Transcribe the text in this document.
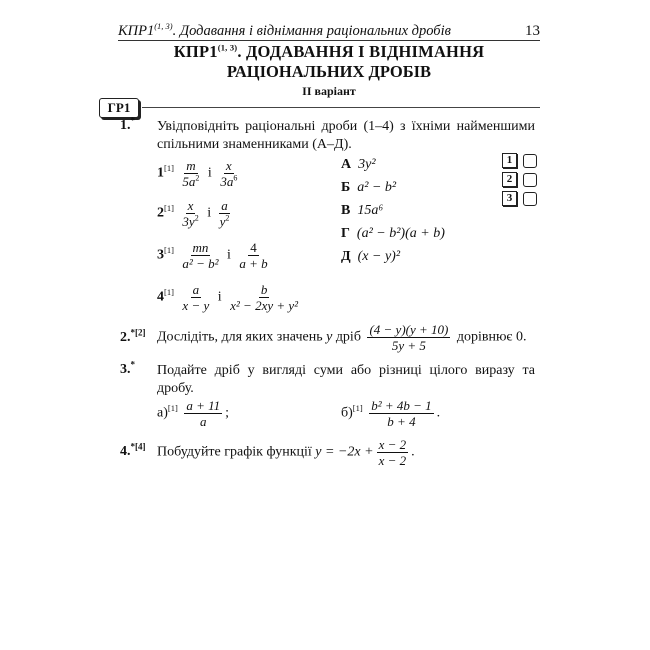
КПР1$^{(1, 3)}$. Додавання і віднімання раціональних дробів	13
КПР1$^{(1, 3)}$. ДОДАВАННЯ І ВІДНІМАННЯ
РАЦІОНАЛЬНИХ ДРОБІВ
ІІ варіант
ГР1
1.* Увідповідніть раціональні дроби (1–4) з їхніми найменшими спільними знаменниками (А–Д).
$1[1] \frac{m}{5a^2}$ і $\frac{x}{3a^6}$
$2[1] \frac{x}{3y^2}$ і $\frac{a}{y^2}$
$3[1] \frac{mn}{\text{a² − b²}}$ і $\frac{4}{a + b}$
$4[1] \frac{a}{x - y}$ і $\frac{b}{\text{x² − 2xy + y²}}$
А 3y²
Б a² − b²
В 15a⁶
Г (a² − b²)(a + b)
Д (x − y)²
1
2
3
2.$^{*[2]}$ Дослідіть, для яких значень y дріб $\frac{(4 - y)(y + 10)}{5y + 5}$ дорівнює 0.
3.* Подайте дріб у вигляді суми або різниці цілого виразу та дробу.
$а)[1] \frac{a + 11}{a}$ ;	$б)[1] \frac{\text{b² + 4b − 1}}{b + 4}$ .
4.$^{*[4]}$ Побудуйте графік функції $y = -2x + \frac{x - 2}{x - 2}$ .
